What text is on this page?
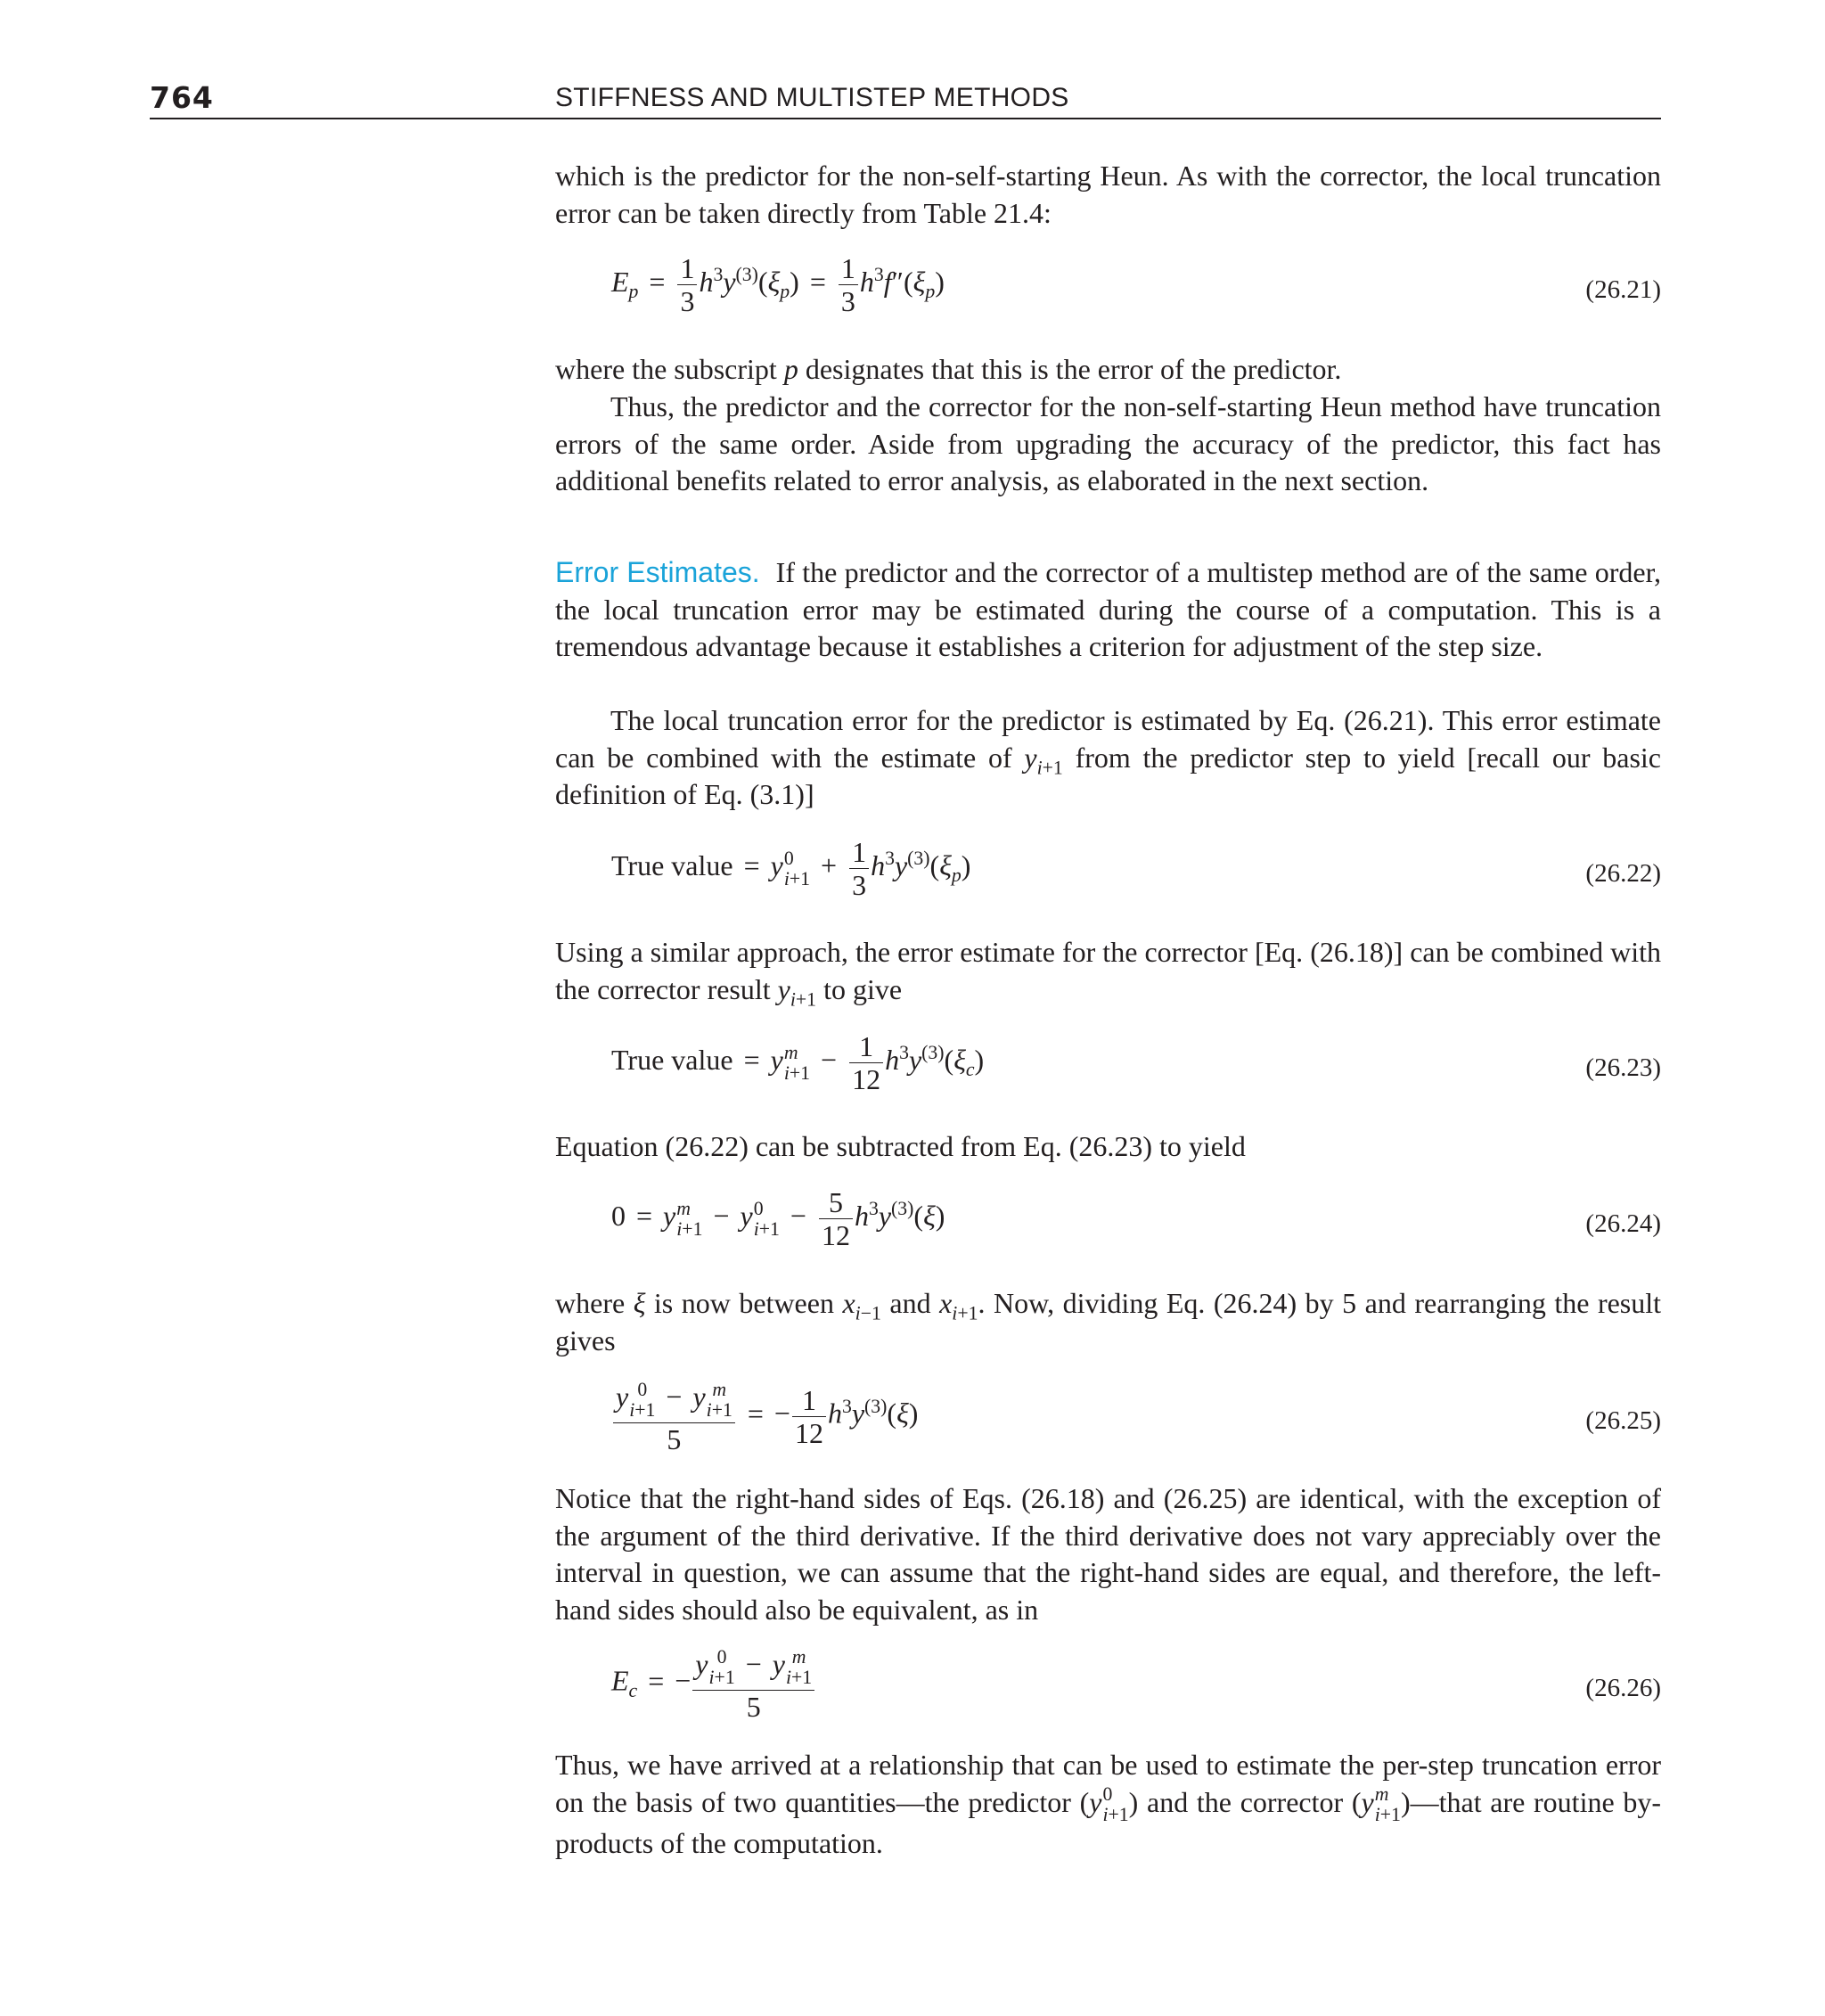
764	STIFFNESS AND MULTISTEP METHODS

which is the predictor for the non-self-starting Heun. As with the corrector, the local truncation error can be taken directly from Table 21.4:

$E_p = \frac{1}{3} h^3y^{(3)}(\xi_p) = \frac{1}{3} h^3f''(\xi_p)$	(26.21)

where the subscript p designates that this is the error of the predictor.

Thus, the predictor and the corrector for the non-self-starting Heun method have truncation errors of the same order. Aside from upgrading the accuracy of the predictor, this fact has additional benefits related to error analysis, as elaborated in the next section.

Error Estimates. If the predictor and the corrector of a multistep method are of the same order, the local truncation error may be estimated during the course of a computation. This is a tremendous advantage because it establishes a criterion for adjustment of the step size.

The local truncation error for the predictor is estimated by Eq. (26.21). This error estimate can be combined with the estimate of $y_{i+1}$ from the predictor step to yield [recall our basic definition of Eq. (3.1)]

True value = y 0
$i+1 + \frac{1}{3} h^3y^{(3)}(\xi_p)$	(26.22)

Using a similar approach, the error estimate for the corrector [Eq. (26.18)] can be combined with the corrector result $y_{i+1}$ to give

True value = y m
$i+1 - \frac{1}{12} h^3y^{(3)}(\xi_c)$	(26.23)

Equation (26.22) can be subtracted from Eq. (26.23) to yield

0 = y m
i+1 − y 0
$i+1 - \frac{5}{12} h^3y^{(3)}(\xi)$	(26.24)

where ξ is now between $x_{i-1}$ and $x_{i+1}$. Now, dividing Eq. (26.24) by 5 and rearranging the result gives

y 0
i+1 − y m
i+1
5 = − $\frac{1}{12} h^3y^{(3)}(\xi)$	(26.25)

Notice that the right-hand sides of Eqs. (26.18) and (26.25) are identical, with the exception of the argument of the third derivative. If the third derivative does not vary appreciably over the interval in question, we can assume that the right-hand sides are equal, and therefore, the left-hand sides should also be equivalent, as in

$E_c$ = − y 0
i+1 − y m
i+1
5	(26.26)

Thus, we have arrived at a relationship that can be used to estimate the per-step truncation error on the basis of two quantities—the predictor (y 0
i+1 ) and the corrector (y m
i+1 )—that are routine by-products of the computation.
